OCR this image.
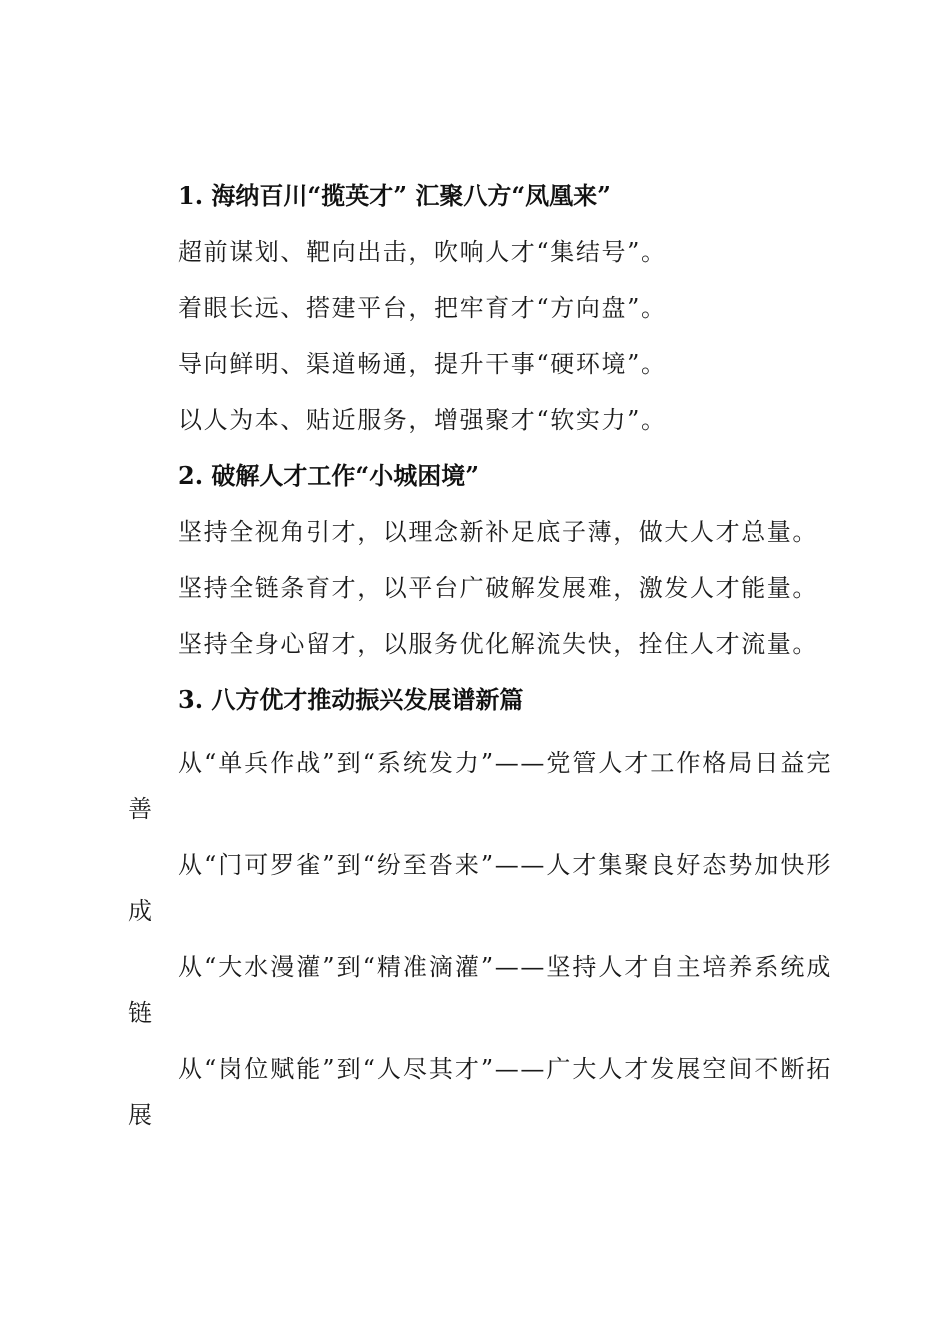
1. 海纳百川“揽英才” 汇聚八方“凤凰来”
超前谋划、靶向出击，吹响人才“集结号”。
着眼长远、搭建平台，把牢育才“方向盘”。
导向鲜明、渠道畅通，提升干事“硬环境”。
以人为本、贴近服务，增强聚才“软实力”。
2. 破解人才工作“小城困境”
坚持全视角引才，以理念新补足底子薄，做大人才总量。
坚持全链条育才，以平台广破解发展难，激发人才能量。
坚持全身心留才，以服务优化解流失快，拴住人才流量。
3. 八方优才推动振兴发展谱新篇

从“单兵作战”到“系统发力”——党管人才工作格局日益完善

从“门可罗雀”到“纷至沓来”——人才集聚良好态势加快形成

从“大水漫灌”到“精准滴灌”——坚持人才自主培养系统成链

从“岗位赋能”到“人尽其才”——广大人才发展空间不断拓展
